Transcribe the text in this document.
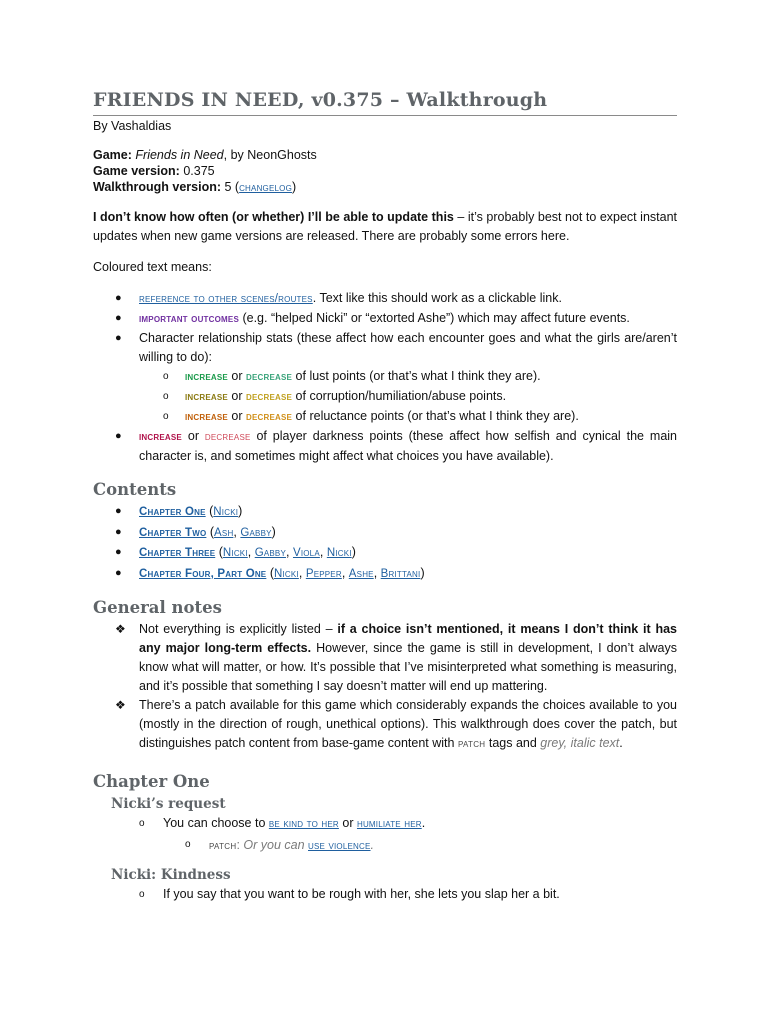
FRIENDS IN NEED, v0.375 – Walkthrough
By Vashaldias
Game: Friends in Need, by NeonGhosts
Game version: 0.375
Walkthrough version: 5 (changelog)
I don’t know how often (or whether) I’ll be able to update this – it’s probably best not to expect instant updates when new game versions are released. There are probably some errors here.
Coloured text means:
● reference to other scenes/routes. Text like this should work as a clickable link.
● important outcomes (e.g. “helped Nicki” or “extorted Ashe”) which may affect future events.
● Character relationship stats (these affect how each encounter goes and what the girls are/aren’t willing to do):
o increase or decrease of lust points (or that’s what I think they are).
o increase or decrease of corruption/humiliation/abuse points.
o increase or decrease of reluctance points (or that’s what I think they are).
● increase or decrease of player darkness points (these affect how selfish and cynical the main character is, and sometimes might affect what choices you have available).
Contents
● Chapter One (Nicki)
● Chapter Two (Ash, Gabby)
● Chapter Three (Nicki, Gabby, Viola, Nicki)
● Chapter Four, Part One (Nicki, Pepper, Ashe, Brittani)
General notes
❖ Not everything is explicitly listed – if a choice isn’t mentioned, it means I don’t think it has any major long-term effects. However, since the game is still in development, I don’t always know what will matter, or how. It’s possible that I’ve misinterpreted what something is measuring, and it’s possible that something I say doesn’t matter will end up mattering.
❖ There’s a patch available for this game which considerably expands the choices available to you (mostly in the direction of rough, unethical options). This walkthrough does cover the patch, but distinguishes patch content from base-game content with patch tags and grey, italic text.
Chapter One
Nicki’s request
o You can choose to be kind to her or humiliate her.
o patch: Or you can use violence.
Nicki: Kindness
o If you say that you want to be rough with her, she lets you slap her a bit.
